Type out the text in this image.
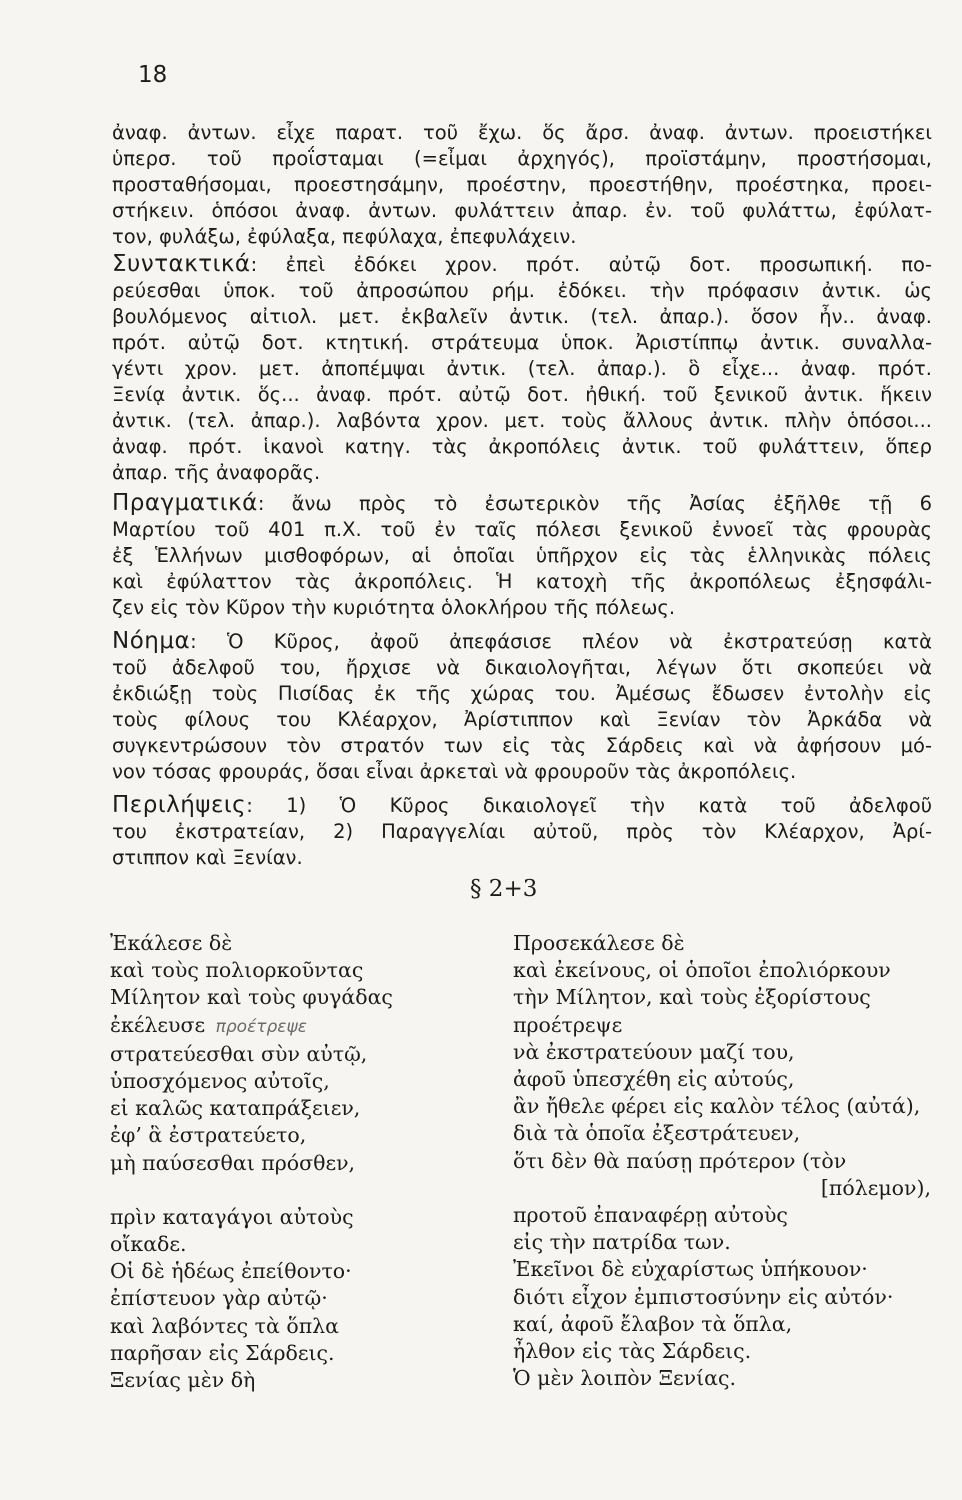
18
ἀναφ. ἀντων. εἶχε παρατ. τοῦ ἔχω. ὅς ἄρσ. ἀναφ. ἀντων. προειστήκει
ὑπερσ. τοῦ προΐσταμαι (=εἶμαι ἀρχηγός), προϊστάμην, προστήσομαι,
προσταθήσομαι, προεστησάμην, προέστην, προεστήθην, προέστηκα, προει-
στήκειν. ὁπόσοι ἀναφ. ἀντων. φυλάττειν ἀπαρ. ἐν. τοῦ φυλάττω, ἐφύλατ-
τον, φυλάξω, ἐφύλαξα, πεφύλαχα, ἐπεφυλάχειν.
Συντακτικά: ἐπεὶ ἐδόκει χρον. πρότ. αὐτῷ δοτ. προσωπική. πο-
ρεύεσθαι ὑποκ. τοῦ ἀπροσώπου ρήμ. ἐδόκει. τὴν πρόφασιν ἀντικ. ὡς
βουλόμενος αἰτιολ. μετ. ἐκβαλεῖν ἀντικ. (τελ. ἀπαρ.). ὅσον ἦν.. ἀναφ.
πρότ. αὐτῷ δοτ. κτητική. στράτευμα ὑποκ. Ἀριστίππῳ ἀντικ. συναλλα-
γέντι χρον. μετ. ἀποπέμψαι ἀντικ. (τελ. ἀπαρ.). ὃ εἶχε... ἀναφ. πρότ.
Ξενίᾳ ἀντικ. ὅς... ἀναφ. πρότ. αὐτῷ δοτ. ἠθική. τοῦ ξενικοῦ ἀντικ. ἥκειν
ἀντικ. (τελ. ἀπαρ.). λαβόντα χρον. μετ. τοὺς ἄλλους ἀντικ. πλὴν ὁπόσοι...
ἀναφ. πρότ. ἱκανοὶ κατηγ. τὰς ἀκροπόλεις ἀντικ. τοῦ φυλάττειν, ὅπερ
ἀπαρ. τῆς ἀναφορᾶς.
Πραγματικά: ἄνω πρὸς τὸ ἐσωτερικὸν τῆς Ἀσίας ἐξῆλθε τῇ 6
Μαρτίου τοῦ 401 π.Χ. τοῦ ἐν ταῖς πόλεσι ξενικοῦ ἐννοεῖ τὰς φρουρὰς
ἐξ Ἑλλήνων μισθοφόρων, αἱ ὁποῖαι ὑπῆρχον εἰς τὰς ἑλληνικὰς πόλεις
καὶ ἐφύλαττον τὰς ἀκροπόλεις. Ἡ κατοχὴ τῆς ἀκροπόλεως ἐξησφάλι-
ζεν εἰς τὸν Κῦρον τὴν κυριότητα ὁλοκλήρου τῆς πόλεως.
Νόημα: Ὁ Κῦρος, ἀφοῦ ἀπεφάσισε πλέον νὰ ἐκστρατεύσῃ κατὰ
τοῦ ἀδελφοῦ του, ἤρχισε νὰ δικαιολογῆται, λέγων ὅτι σκοπεύει νὰ
ἐκδιώξῃ τοὺς Πισίδας ἐκ τῆς χώρας του. Ἀμέσως ἔδωσεν ἐντολὴν εἰς
τοὺς φίλους του Κλέαρχον, Ἀρίστιππον καὶ Ξενίαν τὸν Ἀρκάδα νὰ
συγκεντρώσουν τὸν στρατόν των εἰς τὰς Σάρδεις καὶ νὰ ἀφήσουν μό-
νον τόσας φρουράς, ὅσαι εἶναι ἀρκεταὶ νὰ φρουροῦν τὰς ἀκροπόλεις.
Περιλήψεις: 1) Ὁ Κῦρος δικαιολογεῖ τὴν κατὰ τοῦ ἀδελφοῦ
του ἐκστρατείαν, 2) Παραγγελίαι αὐτοῦ, πρὸς τὸν Κλέαρχον, Ἀρί-
στιππον καὶ Ξενίαν.
§ 2+3
Ἐκάλεσε δὲ
καὶ τοὺς πολιορκοῦντας
Μίλητον καὶ τοὺς φυγάδας
ἐκέλευσε προέτρεψε
στρατεύεσθαι σὺν αὐτῷ,
ὑποσχόμενος αὐτοῖς,
εἰ καλῶς καταπράξειεν,
ἐφ’ ἃ ἐστρατεύετο,
μὴ παύσεσθαι πρόσθεν,
πρὶν καταγάγοι αὐτοὺς
οἴκαδε.
Οἱ δὲ ἡδέως ἐπείθοντο·
ἐπίστευον γὰρ αὐτῷ·
καὶ λαβόντες τὰ ὅπλα
παρῆσαν εἰς Σάρδεις.
Ξενίας μὲν δὴ
Προσεκάλεσε δὲ
καὶ ἐκείνους, οἱ ὁποῖοι ἐπολιόρκουν
τὴν Μίλητον, καὶ τοὺς ἐξορίστους
προέτρεψε
νὰ ἐκστρατεύουν μαζί του,
ἀφοῦ ὑπεσχέθη εἰς αὐτούς,
ἂν ἤθελε φέρει εἰς καλὸν τέλος (αὐτά),
διὰ τὰ ὁποῖα ἐξεστράτευεν,
ὅτι δὲν θὰ παύσῃ πρότερον (τὸν
[πόλεμον),
προτοῦ ἐπαναφέρῃ αὐτοὺς
εἰς τὴν πατρίδα των.
Ἐκεῖνοι δὲ εὐχαρίστως ὑπήκουον·
διότι εἶχον ἐμπιστοσύνην εἰς αὐτόν·
καί, ἀφοῦ ἔλαβον τὰ ὅπλα,
ἦλθον εἰς τὰς Σάρδεις.
Ὁ μὲν λοιπὸν Ξενίας.
